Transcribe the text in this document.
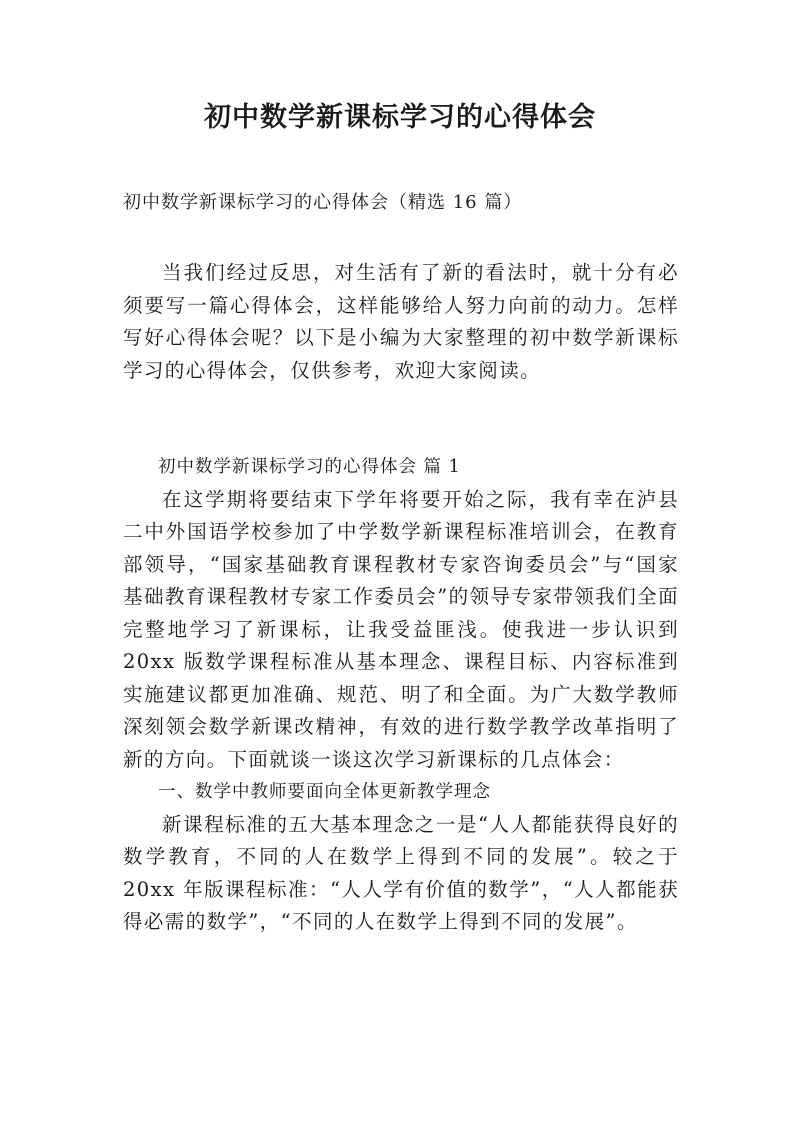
初中数学新课标学习的心得体会

初中数学新课标学习的心得体会（精选 16 篇）

当我们经过反思，对生活有了新的看法时，就十分有必须要写一篇心得体会，这样能够给人努力向前的动力。怎样写好心得体会呢？以下是小编为大家整理的初中数学新课标学习的心得体会，仅供参考，欢迎大家阅读。

初中数学新课标学习的心得体会 篇 1

在这学期将要结束下学年将要开始之际，我有幸在泸县二中外国语学校参加了中学数学新课程标准培训会，在教育部领导，“国家基础教育课程教材专家咨询委员会”与“国家基础教育课程教材专家工作委员会”的领导专家带领我们全面完整地学习了新课标，让我受益匪浅。使我进一步认识到 20xx 版数学课程标准从基本理念、课程目标、内容标准到实施建议都更加准确、规范、明了和全面。为广大数学教师深刻领会数学新课改精神，有效的进行数学教学改革指明了新的方向。下面就谈一谈这次学习新课标的几点体会：

一、数学中教师要面向全体更新教学理念

新课程标准的五大基本理念之一是“人人都能获得良好的数学教育，不同的人在数学上得到不同的发展”。较之于 20xx 年版课程标准：“人人学有价值的数学”，“人人都能获得必需的数学”，“不同的人在数学上得到不同的发展”。
